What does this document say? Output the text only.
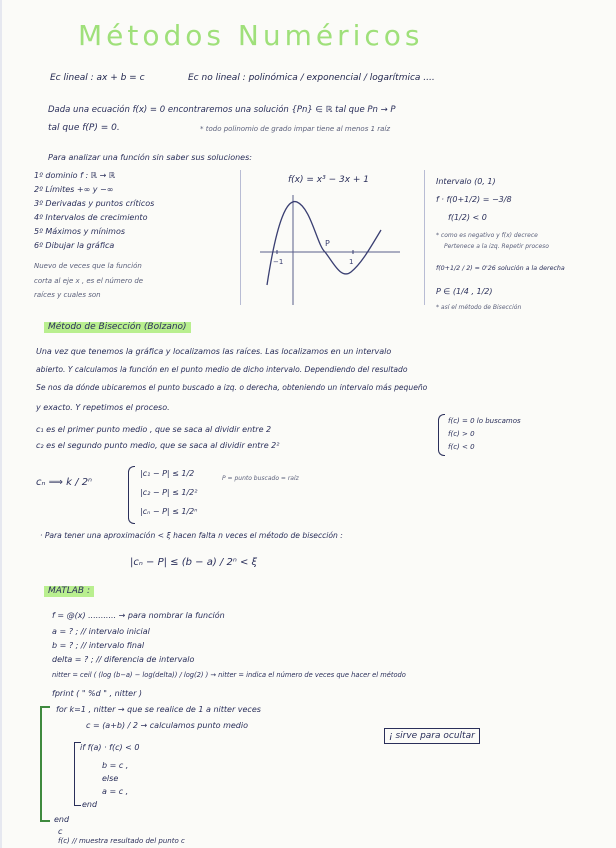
Métodos Numéricos
Ec lineal : ax + b = c	Ec no lineal : polinómica / exponencial / logarítmica ....
Dada una ecuación f(x) = 0 encontraremos una solución {Pn} ∈ ℝ tal que Pn → P
tal que f(P) = 0.	* todo polinomio de grado impar tiene al menos 1 raíz
Para analizar una función sin saber sus soluciones:
1º dominio f : ℝ → ℝ
2º Límites +∞ y −∞
3º Derivadas y puntos críticos
4º Intervalos de crecimiento
5º Máximos y mínimos
6º Dibujar la gráfica
Nuevo de veces que la función
corta al eje x , es el número de
raíces y cuales son
f(x) = x³ − 3x + 1
−1	1
P
Intervalo (0, 1)
f · f(0+1/2) = −3/8
f(1/2) < 0
* como es negativo y f(x) decrece
Pertenece a la izq. Repetir proceso
f(0+1/2 / 2) = 0'26 solución a la derecha
P ∈ (1/4 , 1/2)
* así el método de Bisección
Método de Bisección (Bolzano)
Una vez que tenemos la gráfica y localizamos las raíces. Las localizamos en un intervalo
abierto. Y calculamos la función en el punto medio de dicho intervalo. Dependiendo del resultado
Se nos da dónde ubicaremos el punto buscado a izq. o derecha, obteniendo un intervalo más pequeño
y exacto. Y repetimos el proceso.
c₁ es el primer punto medio , que se saca al dividir entre 2
c₂ es el segundo punto medio, que se saca al dividir entre 2²
f(c) = 0 lo buscamos
f(c) > 0
f(c) < 0
cₙ ⟹ k / 2ⁿ
|c₁ − P| ≤ 1/2
|c₂ − P| ≤ 1/2²
|cₙ − P| ≤ 1/2ⁿ
P = punto buscado = raíz
· Para tener una aproximación < ξ hacen falta n veces el método de bisección :
|cₙ − P| ≤ (b − a) / 2ⁿ < ξ
MATLAB :
f = @(x) ........... → para nombrar la función
a = ? ; // intervalo inicial
b = ? ; // intervalo final
delta = ? ; // diferencia de intervalo
nitter = ceil ( (log (b−a) − log(delta)) / log(2) ) → nitter = indica el número de veces que hacer el método
fprint ( " %d " , nitter )
for k=1 , nitter → que se realice de 1 a nitter veces
c = (a+b) / 2 → calculamos punto medio
if f(a) · f(c) < 0
b = c ,
else
a = c ,
end
end
c
f(c) // muestra resultado del punto c
¡ sirve para ocultar
